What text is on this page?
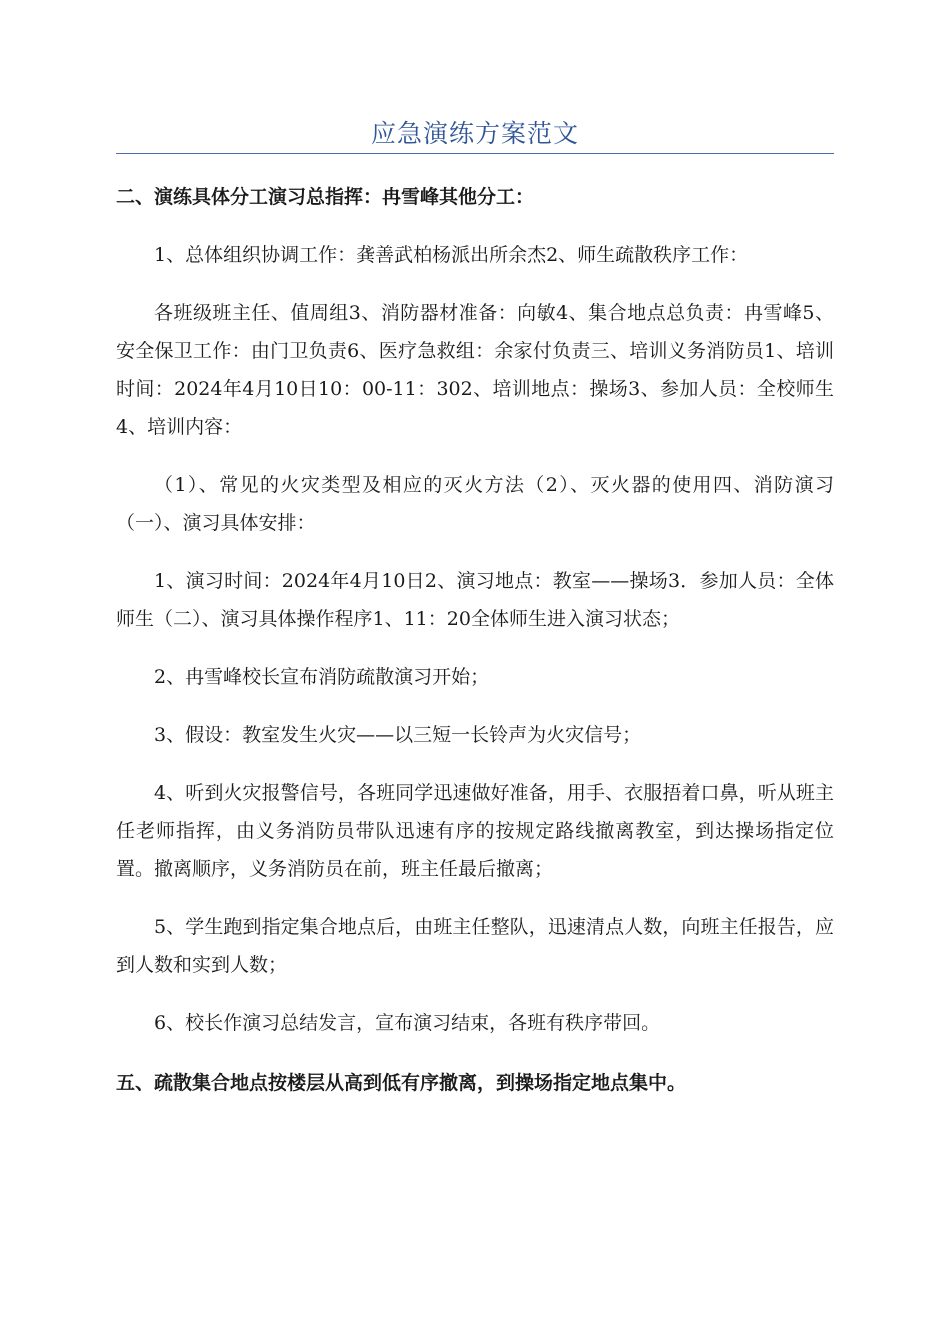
应急演练方案范文

二、演练具体分工演习总指挥：冉雪峰其他分工：

1、总体组织协调工作：龚善武柏杨派出所余杰2、师生疏散秩序工作：

各班级班主任、值周组3、消防器材准备：向敏4、集合地点总负责：冉雪峰5、安全保卫工作：由门卫负责6、医疗急救组：余家付负责三、培训义务消防员1、培训时间：2024年4月10日10：00-11：302、培训地点：操场3、参加人员：全校师生4、培训内容：

（1）、常见的火灾类型及相应的灭火方法（2）、灭火器的使用四、消防演习（一）、演习具体安排：

1、演习时间：2024年4月10日2、演习地点：教室——操场3．参加人员：全体师生（二）、演习具体操作程序1、11：20全体师生进入演习状态；

2、冉雪峰校长宣布消防疏散演习开始；

3、假设：教室发生火灾——以三短一长铃声为火灾信号；

4、听到火灾报警信号，各班同学迅速做好准备，用手、衣服捂着口鼻，听从班主任老师指挥，由义务消防员带队迅速有序的按规定路线撤离教室，到达操场指定位置。撤离顺序，义务消防员在前，班主任最后撤离；

5、学生跑到指定集合地点后，由班主任整队，迅速清点人数，向班主任报告，应到人数和实到人数；

6、校长作演习总结发言，宣布演习结束，各班有秩序带回。

五、疏散集合地点按楼层从高到低有序撤离，到操场指定地点集中。
